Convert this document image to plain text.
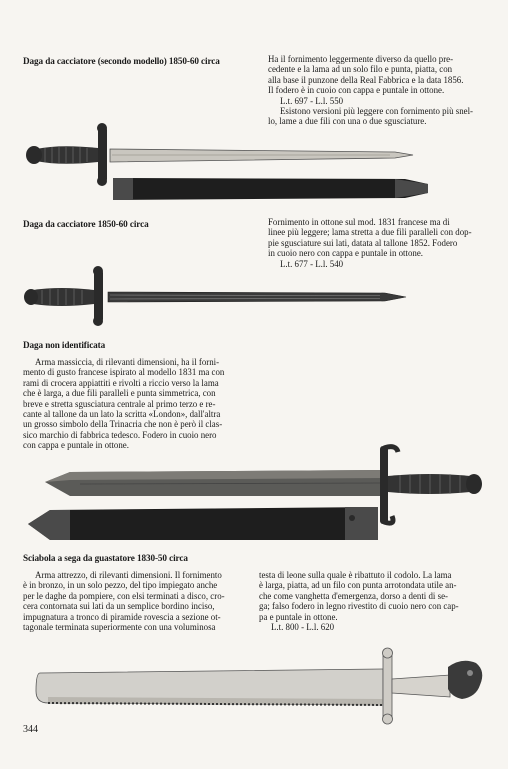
Daga da cacciatore (secondo modello) 1850-60 circa	Ha il fornimento leggermente diverso da quello pre-
cedente e la lama ad un solo filo e punta, piatta, con
alla base il punzone della Real Fabbrica e la data 1856.
Il fodero è in cuoio con cappa e puntale in ottone.
L.t. 697 - L.l. 550
Esistono versioni più leggere con fornimento più snel-
lo, lame a due fili con una o due sgusciature.
Daga da cacciatore 1850-60 circa	Fornimento in ottone sul mod. 1831 francese ma di
linee più leggere; lama stretta a due fili paralleli con dop-
pie sgusciature sui lati, datata al tallone 1852. Fodero
in cuoio nero con cappa e puntale in ottone.
L.t. 677 - L.l. 540
Daga non identificata
Arma massiccia, di rilevanti dimensioni, ha il forni-
mento di gusto francese ispirato al modello 1831 ma con
rami di crocera appiattiti e rivolti a riccio verso la lama
che è larga, a due fili paralleli e punta simmetrica, con
breve e stretta sgusciatura centrale al primo terzo e re-
cante al tallone da un lato la scritta «London», dall'altra
un grosso simbolo della Trinacria che non è però il clas-
sico marchio di fabbrica tedesco. Fodero in cuoio nero
con cappa e puntale in ottone.
Sciabola a sega da guastatore 1830-50 circa
Arma attrezzo, di rilevanti dimensioni. Il fornimento
è in bronzo, in un solo pezzo, del tipo impiegato anche
per le daghe da pompiere, con elsi terminati a disco, cro-
cera contornata sui lati da un semplice bordino inciso,
impugnatura a tronco di piramide rovescia a sezione ot-
tagonale terminata superiormente con una voluminosa
testa di leone sulla quale è ribattuto il codolo. La lama
è larga, piatta, ad un filo con punta arrotondata utile an-
che come vanghetta d'emergenza, dorso a denti di se-
ga; falso fodero in legno rivestito di cuoio nero con cap-
pa e puntale in ottone.
L.t. 800 - L.l. 620
344
